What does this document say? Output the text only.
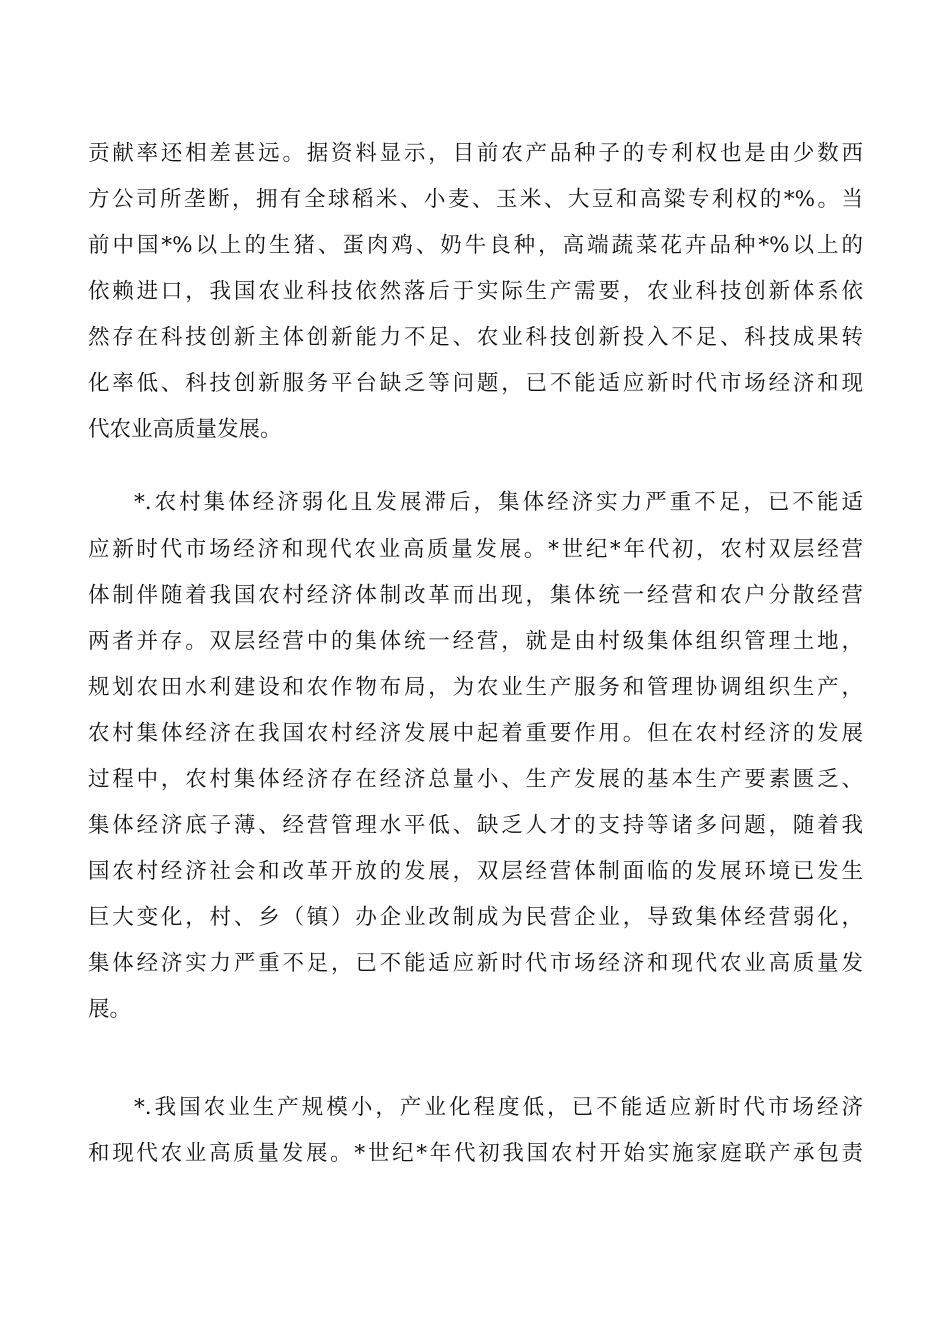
贡献率还相差甚远。据资料显示，目前农产品种子的专利权也是由少数西
方公司所垄断，拥有全球稻米、小麦、玉米、大豆和高粱专利权的*%。当
前中国*%以上的生猪、蛋肉鸡、奶牛良种，高端蔬菜花卉品种*%以上的
依赖进口，我国农业科技依然落后于实际生产需要，农业科技创新体系依
然存在科技创新主体创新能力不足、农业科技创新投入不足、科技成果转
化率低、科技创新服务平台缺乏等问题，已不能适应新时代市场经济和现
代农业高质量发展。
*.农村集体经济弱化且发展滞后，集体经济实力严重不足，已不能适
应新时代市场经济和现代农业高质量发展。*世纪*年代初，农村双层经营
体制伴随着我国农村经济体制改革而出现，集体统一经营和农户分散经营
两者并存。双层经营中的集体统一经营，就是由村级集体组织管理土地，
规划农田水利建设和农作物布局，为农业生产服务和管理协调组织生产，
农村集体经济在我国农村经济发展中起着重要作用。但在农村经济的发展
过程中，农村集体经济存在经济总量小、生产发展的基本生产要素匮乏、
集体经济底子薄、经营管理水平低、缺乏人才的支持等诸多问题，随着我
国农村经济社会和改革开放的发展，双层经营体制面临的发展环境已发生
巨大变化，村、乡（镇）办企业改制成为民营企业，导致集体经营弱化，
集体经济实力严重不足，已不能适应新时代市场经济和现代农业高质量发
展。
*.我国农业生产规模小，产业化程度低，已不能适应新时代市场经济
和现代农业高质量发展。*世纪*年代初我国农村开始实施家庭联产承包责
